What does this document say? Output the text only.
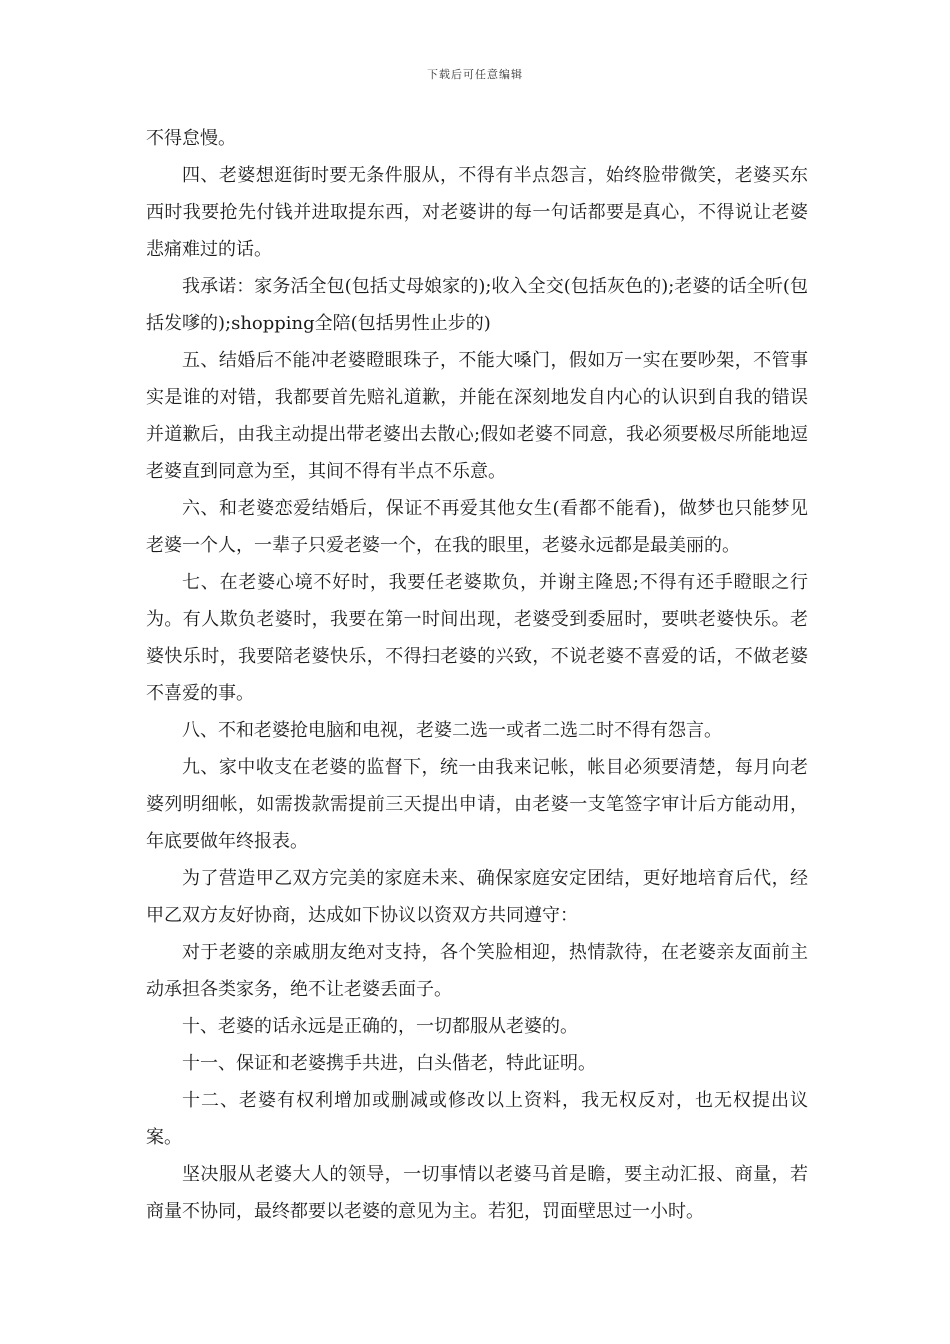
下载后可任意编辑

不得怠慢。

四、老婆想逛街时要无条件服从，不得有半点怨言，始终脸带微笑，老婆买东西时我要抢先付钱并进取提东西，对老婆讲的每一句话都要是真心，不得说让老婆悲痛难过的话。

我承诺：家务活全包(包括丈母娘家的);收入全交(包括灰色的);老婆的话全听(包括发嗲的);shopping全陪(包括男性止步的)

五、结婚后不能冲老婆瞪眼珠子，不能大嗓门，假如万一实在要吵架，不管事实是谁的对错，我都要首先赔礼道歉，并能在深刻地发自内心的认识到自我的错误并道歉后，由我主动提出带老婆出去散心;假如老婆不同意，我必须要极尽所能地逗老婆直到同意为至，其间不得有半点不乐意。

六、和老婆恋爱结婚后，保证不再爱其他女生(看都不能看)，做梦也只能梦见老婆一个人，一辈子只爱老婆一个，在我的眼里，老婆永远都是最美丽的。

七、在老婆心境不好时，我要任老婆欺负，并谢主隆恩;不得有还手瞪眼之行为。有人欺负老婆时，我要在第一时间出现，老婆受到委屈时，要哄老婆快乐。老婆快乐时，我要陪老婆快乐，不得扫老婆的兴致，不说老婆不喜爱的话，不做老婆不喜爱的事。

八、不和老婆抢电脑和电视，老婆二选一或者二选二时不得有怨言。

九、家中收支在老婆的监督下，统一由我来记帐，帐目必须要清楚，每月向老婆列明细帐，如需拨款需提前三天提出申请，由老婆一支笔签字审计后方能动用，年底要做年终报表。

为了营造甲乙双方完美的家庭未来、确保家庭安定团结，更好地培育后代，经甲乙双方友好协商，达成如下协议以资双方共同遵守：

对于老婆的亲戚朋友绝对支持，各个笑脸相迎，热情款待，在老婆亲友面前主动承担各类家务，绝不让老婆丢面子。

十、老婆的话永远是正确的，一切都服从老婆的。

十一、保证和老婆携手共进，白头偕老，特此证明。

十二、老婆有权利增加或删减或修改以上资料，我无权反对，也无权提出议案。

坚决服从老婆大人的领导，一切事情以老婆马首是瞻，要主动汇报、商量，若商量不协同，最终都要以老婆的意见为主。若犯，罚面壁思过一小时。
